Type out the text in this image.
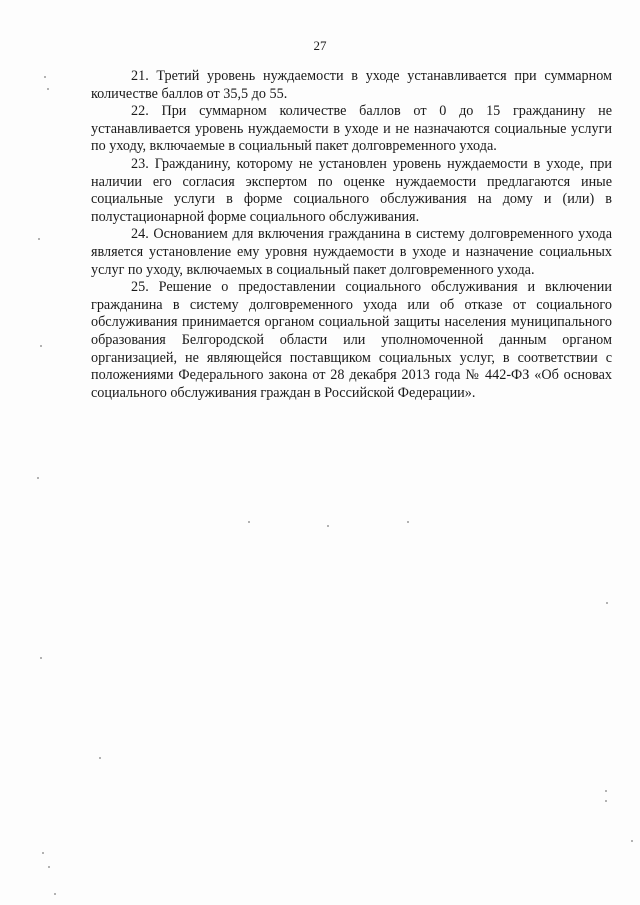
27

21. Третий уровень нуждаемости в уходе устанавливается при суммарном количестве баллов от 35,5 до 55.

22. При суммарном количестве баллов от 0 до 15 гражданину не устанавливается уровень нуждаемости в уходе и не назначаются социальные услуги по уходу, включаемые в социальный пакет долговременного ухода.

23. Гражданину, которому не установлен уровень нуждаемости в уходе, при наличии его согласия экспертом по оценке нуждаемости предлагаются иные социальные услуги в форме социального обслуживания на дому и (или) в полустационарной форме социального обслуживания.

24. Основанием для включения гражданина в систему долговременного ухода является установление ему уровня нуждаемости в уходе и назначение социальных услуг по уходу, включаемых в социальный пакет долговременного ухода.

25. Решение о предоставлении социального обслуживания и включении гражданина в систему долговременного ухода или об отказе от социального обслуживания принимается органом социальной защиты населения муниципального образования Белгородской области или уполномоченной данным органом организацией, не являющейся поставщиком социальных услуг, в соответствии с положениями Федерального закона от 28 декабря 2013 года № 442-ФЗ «Об основах социального обслуживания граждан в Российской Федерации».
